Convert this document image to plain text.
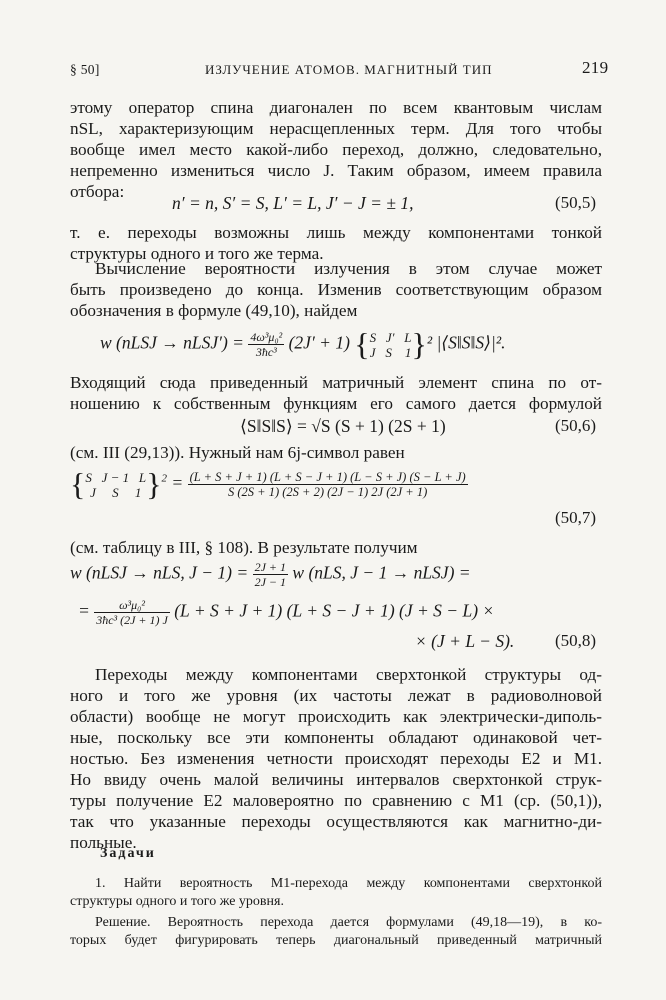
§ 50]	ИЗЛУЧЕНИЕ АТОМОВ. МАГНИТНЫЙ ТИП	219
этому оператор спина диагонален по всем квантовым числам
nSL, характеризующим нерасщепленных терм. Для того чтобы
вообще имел место какой-либо переход, должно, следовательно,
непременно измениться число J. Таким образом, имеем правила
отбора:
n′ = n, S′ = S, L′ = L, J′ − J = ± 1,	(50,5)
т. е. переходы возможны лишь между компонентами тонкой
структуры одного и того же терма.
Вычисление вероятности излучения в этом случае может
быть произведено до конца. Изменив соответствующим образом
обозначения в формуле (49,10), найдем
w (nLSJ → nLSJ′) = $\frac{\text{4ω³μ₀²}}{\text{3ħc³}} (2J' + 1)$ { S   J′   L
J   S    1 }² |⟨S‖S‖S⟩|².
Входящий сюда приведенный матричный элемент спина по от-
ношению к собственным функциям его самого дается формулой
⟨S‖S‖S⟩ = √S (S + 1) (2S + 1)	(50,6)
(см. III (29,13)). Нужный нам 6j-символ равен
{ S   J − 1   L
J     S     1 }$^2 = \frac{(L + S + J + 1) (L + S - J + 1) (L - S + J) (S - L + J)}{S (2S + 1) (2S + 2) (2J - 1) 2J (2J + 1)}$
(50,7)
(см. таблицу в III, § 108). В результате получим
w (nLSJ → nLS, $J - 1) = \frac{2J + 1}{2J - 1}$ w (nLS, J − 1 → nLSJ) =
= $\frac{\text{ω³μ₀²}}{\text{3ħc³ (2J + 1) J}} (L + S + J + 1) (L + S - J + 1) (J + S - L)$ ×
× (J + L − S). (50,8)
Переходы между компонентами сверхтонкой структуры од-
ного и того же уровня (их частоты лежат в радиоволновой
области) вообще не могут происходить как электрически-диполь-
ные, поскольку все эти компоненты обладают одинаковой чет-
ностью. Без изменения четности происходят переходы E2 и M1.
Но ввиду очень малой величины интервалов сверхтонкой струк-
туры получение E2 маловероятно по сравнению с M1 (ср. (50,1)),
так что указанные переходы осуществляются как магнитно-ди-
польные.
Задачи
1. Найти вероятность M1-перехода между компонентами сверхтонкой
структуры одного и того же уровня.
Решение. Вероятность перехода дается формулами (49,18—19), в ко-
торых будет фигурировать теперь диагональный приведенный матричный
